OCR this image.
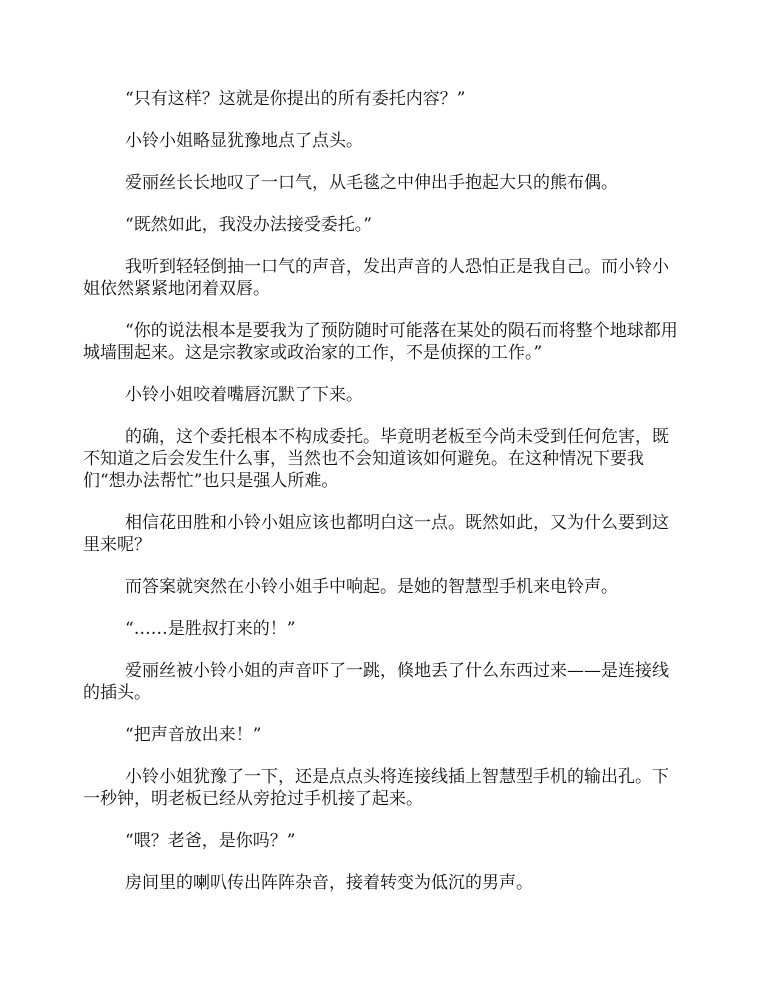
“只有这样？这就是你提出的所有委托内容？”

小铃小姐略显犹豫地点了点头。

爱丽丝长长地叹了一口气，从毛毯之中伸出手抱起大只的熊布偶。

“既然如此，我没办法接受委托。”

我听到轻轻倒抽一口气的声音，发出声音的人恐怕正是我自己。而小铃小姐依然紧紧地闭着双唇。

“你的说法根本是要我为了预防随时可能落在某处的陨石而将整个地球都用城墙围起来。这是宗教家或政治家的工作，不是侦探的工作。”

小铃小姐咬着嘴唇沉默了下来。

的确，这个委托根本不构成委托。毕竟明老板至今尚未受到任何危害，既不知道之后会发生什么事，当然也不会知道该如何避免。在这种情况下要我们“想办法帮忙”也只是强人所难。

相信花田胜和小铃小姐应该也都明白这一点。既然如此，又为什么要到这里来呢？

而答案就突然在小铃小姐手中响起。是她的智慧型手机来电铃声。

“……是胜叔打来的！”

爱丽丝被小铃小姐的声音吓了一跳，倏地丢了什么东西过来——是连接线的插头。

“把声音放出来！”

小铃小姐犹豫了一下，还是点点头将连接线插上智慧型手机的输出孔。下一秒钟，明老板已经从旁抢过手机接了起来。

“喂？老爸，是你吗？”

房间里的喇叭传出阵阵杂音，接着转变为低沉的男声。
